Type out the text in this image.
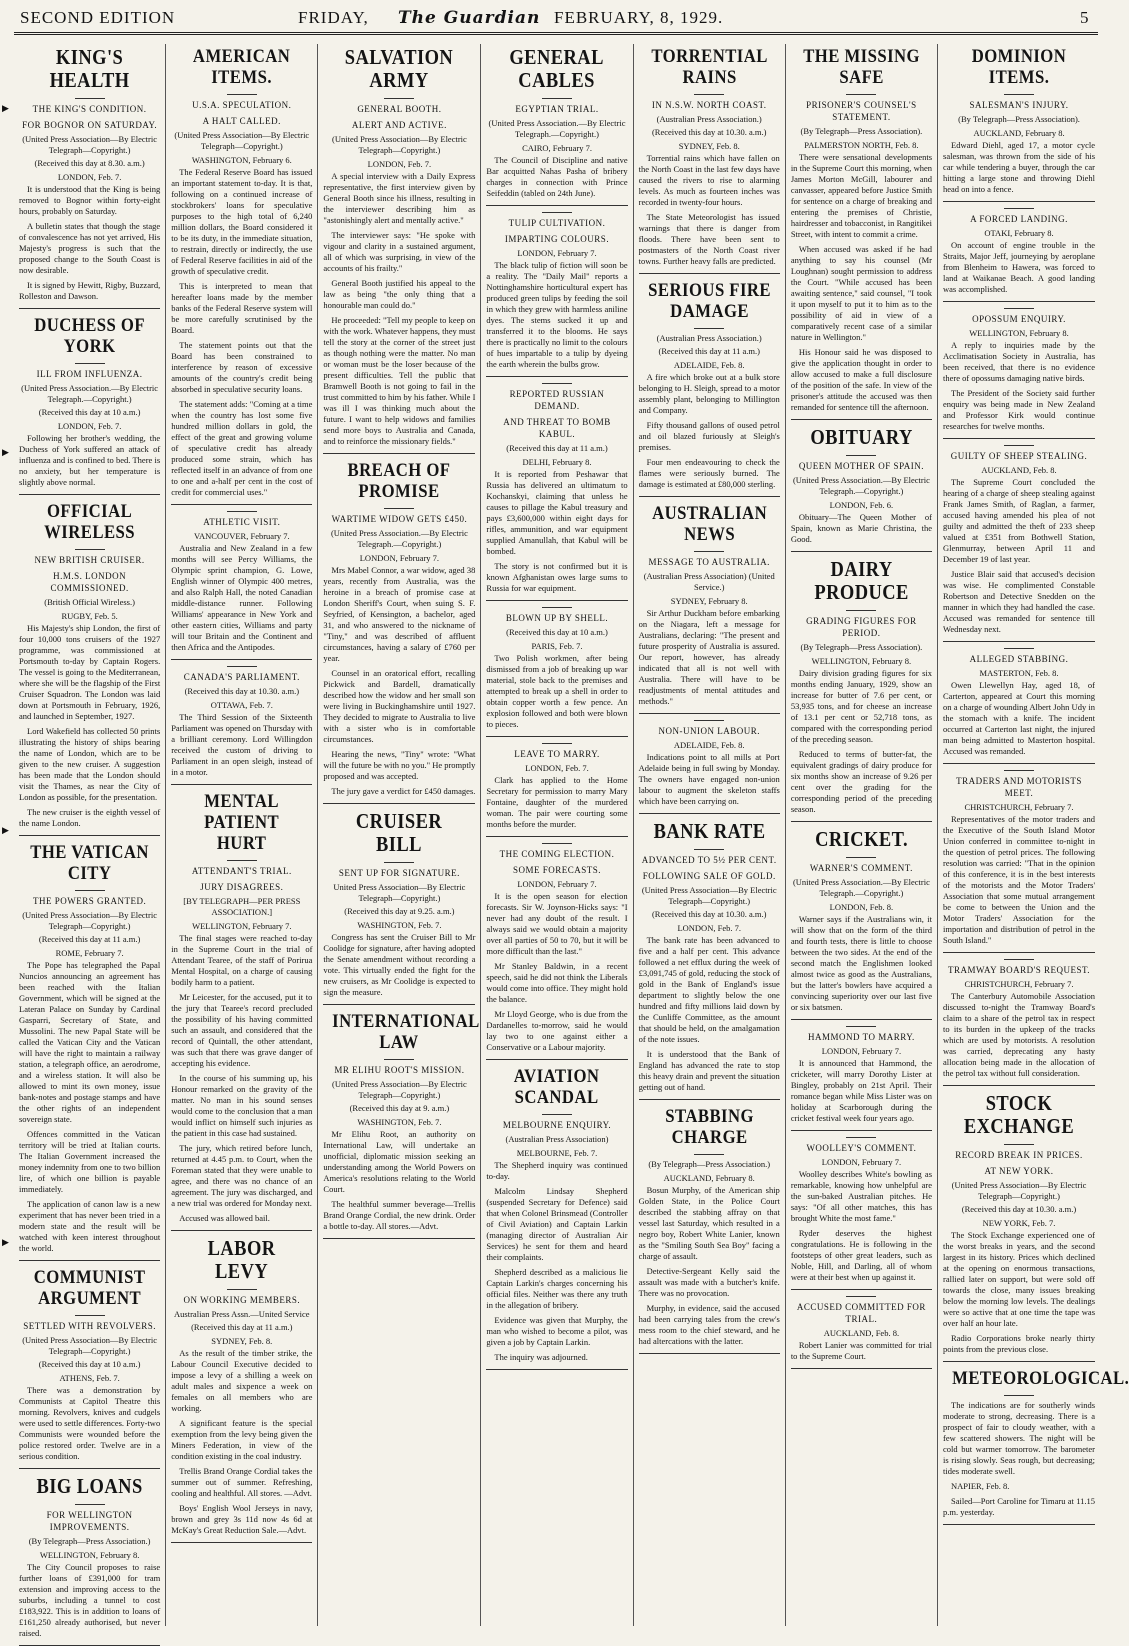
SECOND EDITION	FRIDAY, The Guardian FEBRUARY, 8, 1929.	5
▶
▶
▶
▶
KING'S HEALTH
THE KING'S CONDITION.
FOR BOGNOR ON SATURDAY.
(United Press Association—By Electric Telegraph—Copyright.)
(Received this day at 8.30. a.m.)
LONDON, Feb. 7.

It is understood that the King is being removed to Bognor within forty-eight hours, probably on Saturday.

A bulletin states that though the stage of convalescence has not yet arrived, His Majesty's progress is such that the proposed change to the South Coast is now desirable.

It is signed by Hewitt, Rigby, Buzzard, Rolleston and Dawson.

DUCHESS OF YORK
ILL FROM INFLUENZA.
(United Press Association.—By Electric Telegraph.—Copyright.)
(Received this day at 10 a.m.)
LONDON, Feb. 7.

Following her brother's wedding, the Duchess of York suffered an attack of influenza and is confined to bed. There is no anxiety, but her temperature is slightly above normal.

OFFICIAL WIRELESS
NEW BRITISH CRUISER.
H.M.S. LONDON COMMISSIONED.
(British Official Wireless.)
RUGBY, Feb. 5.

His Majesty's ship London, the first of four 10,000 tons cruisers of the 1927 programme, was commissioned at Portsmouth to-day by Captain Rogers. The vessel is going to the Mediterranean, where she will be the flagship of the First Cruiser Squadron. The London was laid down at Portsmouth in February, 1926, and launched in September, 1927.

Lord Wakefield has collected 50 prints illustrating the history of ships bearing the name of London, which are to be given to the new cruiser. A suggestion has been made that the London should visit the Thames, as near the City of London as possible, for the presentation.

The new cruiser is the eighth vessel of the name London.

THE VATICAN CITY
THE POWERS GRANTED.
(United Press Association—By Electric Telegraph—Copyright.)
(Received this day at 11 a.m.)
ROME, February 7.

The Pope has telegraphed the Papal Nuncios announcing an agreement has been reached with the Italian Government, which will be signed at the Lateran Palace on Sunday by Cardinal Gasparri, Secretary of State, and Mussolini. The new Papal State will be called the Vatican City and the Vatican will have the right to maintain a railway station, a telegraph office, an aerodrome, and a wireless station. It will also be allowed to mint its own money, issue bank-notes and postage stamps and have the other rights of an independent sovereign state.

Offences committed in the Vatican territory will be tried at Italian courts. The Italian Government increased the money indemnity from one to two billion lire, of which one billion is payable immediately.

The application of canon law is a new experiment that has never been tried in a modern state and the result will be watched with keen interest throughout the world.

COMMUNIST ARGUMENT
SETTLED WITH REVOLVERS.
(United Press Association—By Electric Telegraph—Copyright.)
(Received this day at 10 a.m.)
ATHENS, Feb. 7.

There was a demonstration by Communists at Capitol Theatre this morning. Revolvers, knives and cudgels were used to settle differences. Forty-two Communists were wounded before the police restored order. Twelve are in a serious condition.

BIG LOANS
FOR WELLINGTON IMPROVEMENTS.
(By Telegraph—Press Association.)
WELLINGTON, February 8.

The City Council proposes to raise further loans of £391,000 for tram extension and improving access to the suburbs, including a tunnel to cost £183,922. This is in addition to loans of £161,250 already authorised, but never raised.

AMERICAN ITEMS.
U.S.A. SPECULATION.
A HALT CALLED.
(United Press Association—By Electric Telegraph—Copyright.)
WASHINGTON, February 6.

The Federal Reserve Board has issued an important statement to-day. It is that, following on a continued increase of stockbrokers' loans for speculative purposes to the high total of 6,240 million dollars, the Board considered it to be its duty, in the immediate situation, to restrain, directly or indirectly, the use of Federal Reserve facilities in aid of the growth of speculative credit.

This is interpreted to mean that hereafter loans made by the member banks of the Federal Reserve system will be more carefully scrutinised by the Board.

The statement points out that the Board has been constrained to interference by reason of excessive amounts of the country's credit being absorbed in speculative security loans.

The statement adds: "Coming at a time when the country has lost some five hundred million dollars in gold, the effect of the great and growing volume of speculative credit has already produced some strain, which has reflected itself in an advance of from one to one and a-half per cent in the cost of credit for commercial uses."

ATHLETIC VISIT.
VANCOUVER, February 7.

Australia and New Zealand in a few months will see Percy Williams, the Olympic sprint champion, G. Lowe, English winner of Olympic 400 metres, and also Ralph Hall, the noted Canadian middle-distance runner. Following Williams' appearance in New York and other eastern cities, Williams and party will tour Britain and the Continent and then Africa and the Antipodes.

CANADA'S PARLIAMENT.
(Received this day at 10.30. a.m.)
OTTAWA, Feb. 7.

The Third Session of the Sixteenth Parliament was opened on Thursday with a brilliant ceremony. Lord Willingdon received the custom of driving to Parliament in an open sleigh, instead of in a motor.

MENTAL PATIENT HURT
ATTENDANT'S TRIAL.
JURY DISAGREES.
[BY TELEGRAPH—PER PRESS ASSOCIATION.]
WELLINGTON, February 7.

The final stages were reached to-day in the Supreme Court in the trial of Attendant Tearee, of the staff of Porirua Mental Hospital, on a charge of causing bodily harm to a patient.

Mr Leicester, for the accused, put it to the jury that Tearee's record precluded the possibility of his having committed such an assault, and considered that the record of Quintall, the other attendant, was such that there was grave danger of accepting his evidence.

In the course of his summing up, his Honour remarked on the gravity of the matter. No man in his sound senses would come to the conclusion that a man would inflict on himself such injuries as the patient in this case had sustained.

The jury, which retired before lunch, returned at 4.45 p.m. to Court, when the Foreman stated that they were unable to agree, and there was no chance of an agreement. The jury was discharged, and a new trial was ordered for Monday next.

Accused was allowed bail.

LABOR LEVY
ON WORKING MEMBERS.
Australian Press Assn.—United Service
(Received this day at 11 a.m.)
SYDNEY, Feb. 8.

As the result of the timber strike, the Labour Council Executive decided to impose a levy of a shilling a week on adult males and sixpence a week on females on all members who are working.

A significant feature is the special exemption from the levy being given the Miners Federation, in view of the condition existing in the coal industry.

Trellis Brand Orange Cordial takes the summer out of summer. Refreshing, cooling and healthful. All stores. —Advt.

Boys' English Wool Jerseys in navy, brown and grey 3s 11d now 4s 6d at McKay's Great Reduction Sale.—Advt.

SALVATION ARMY
GENERAL BOOTH.
ALERT AND ACTIVE.
(United Press Association—By Electric Telegraph—Copyright.)
LONDON, Feb. 7.

A special interview with a Daily Express representative, the first interview given by General Booth since his illness, resulting in the interviewer describing him as "astonishingly alert and mentally active."

The interviewer says: "He spoke with vigour and clarity in a sustained argument, all of which was surprising, in view of the accounts of his frailty."

General Booth justified his appeal to the law as being "the only thing that a honourable man could do."

He proceeded: "Tell my people to keep on with the work. Whatever happens, they must tell the story at the corner of the street just as though nothing were the matter. No man or woman must be the loser because of the present difficulties. Tell the public that Bramwell Booth is not going to fail in the trust committed to him by his father. While I was ill I was thinking much about the future. I want to help widows and families send more boys to Australia and Canada, and to reinforce the missionary fields."

BREACH OF PROMISE
WARTIME WIDOW GETS £450.
(United Press Association.—By Electric Telegraph.—Copyright.)
LONDON, February 7.

Mrs Mabel Connor, a war widow, aged 38 years, recently from Australia, was the heroine in a breach of promise case at London Sheriff's Court, when suing S. F. Seyfried, of Kensington, a bachelor, aged 31, and who answered to the nickname of "Tiny," and was described of affluent circumstances, having a salary of £760 per year.

Counsel in an oratorical effort, recalling Pickwick and Bardell, dramatically described how the widow and her small son were living in Buckinghamshire until 1927. They decided to migrate to Australia to live with a sister who is in comfortable circumstances.

Hearing the news, "Tiny" wrote: "What will the future be with no you." He promptly proposed and was accepted.

The jury gave a verdict for £450 damages.

CRUISER BILL
SENT UP FOR SIGNATURE.
United Press Association—By Electric Telegraph—Copyright.)
(Received this day at 9.25. a.m.)
WASHINGTON, Feb. 7.

Congress has sent the Cruiser Bill to Mr Coolidge for signature, after having adopted the Senate amendment without recording a vote. This virtually ended the fight for the new cruisers, as Mr Coolidge is expected to sign the measure.

INTERNATIONAL LAW
MR ELIHU ROOT'S MISSION.
(United Press Association—By Electric Telegraph—Copyright.)
(Received this day at 9. a.m.)
WASHINGTON, Feb. 7.

Mr Elihu Root, an authority on International Law, will undertake an unofficial, diplomatic mission seeking an understanding among the World Powers on America's resolutions relating to the World Court.

The healthful summer beverage—Trellis Brand Orange Cordial, the new drink. Order a bottle to-day. All stores.—Advt.

GENERAL CABLES
EGYPTIAN TRIAL.
(United Press Association.—By Electric Telegraph.—Copyright.)
CAIRO, February 7.

The Council of Discipline and native Bar acquitted Nahas Pasha of bribery charges in connection with Prince Seifeddin (tabled on 24th June).

TULIP CULTIVATION.
IMPARTING COLOURS.
LONDON, February 7.

The black tulip of fiction will soon be a reality. The "Daily Mail" reports a Nottinghamshire horticultural expert has produced green tulips by feeding the soil in which they grew with harmless aniline dyes. The stems sucked it up and transferred it to the blooms. He says there is practically no limit to the colours of hues impartable to a tulip by dyeing the earth wherein the bulbs grow.

REPORTED RUSSIAN DEMAND.
AND THREAT TO BOMB KABUL.
(Received this day at 11 a.m.)
DELHI, February 8.

It is reported from Peshawar that Russia has delivered an ultimatum to Kochanskyi, claiming that unless he causes to pillage the Kabul treasury and pays £3,600,000 within eight days for rifles, ammunition, and war equipment supplied Amanullah, that Kabul will be bombed.

The story is not confirmed but it is known Afghanistan owes large sums to Russia for war equipment.

BLOWN UP BY SHELL.
(Received this day at 10 a.m.)
PARIS, Feb. 7.

Two Polish workmen, after being dismissed from a job of breaking up war material, stole back to the premises and attempted to break up a shell in order to obtain copper worth a few pence. An explosion followed and both were blown to pieces.

LEAVE TO MARRY.
LONDON, Feb. 7.

Clark has applied to the Home Secretary for permission to marry Mary Fontaine, daughter of the murdered woman. The pair were courting some months before the murder.

THE COMING ELECTION.
SOME FORECASTS.
LONDON, February 7.

It is the open season for election forecasts. Sir W. Joynson-Hicks says: "I never had any doubt of the result. I always said we would obtain a majority over all parties of 50 to 70, but it will be more difficult than the last."

Mr Stanley Baldwin, in a recent speech, said he did not think the Liberals would come into office. They might hold the balance.

Mr Lloyd George, who is due from the Dardanelles to-morrow, said he would lay two to one against either a Conservative or a Labour majority.

AVIATION SCANDAL
MELBOURNE ENQUIRY.
(Australian Press Association)
MELBOURNE, Feb. 7.

The Shepherd inquiry was continued to-day.

Malcolm Lindsay Shepherd (suspended Secretary for Defence) said that when Colonel Brinsmead (Controller of Civil Aviation) and Captain Larkin (managing director of Australian Air Services) he sent for them and heard their complaints.

Shepherd described as a malicious lie Captain Larkin's charges concerning his official files. Neither was there any truth in the allegation of bribery.

Evidence was given that Murphy, the man who wished to become a pilot, was given a job by Captain Larkin.

The inquiry was adjourned.

TORRENTIAL RAINS
IN N.S.W. NORTH COAST.
(Australian Press Association.)
(Received this day at 10.30. a.m.)
SYDNEY, Feb. 8.

Torrential rains which have fallen on the North Coast in the last few days have caused the rivers to rise to alarming levels. As much as fourteen inches was recorded in twenty-four hours.

The State Meteorologist has issued warnings that there is danger from floods. There have been sent to postmasters of the North Coast river towns. Further heavy falls are predicted.

SERIOUS FIRE DAMAGE
(Australian Press Association.)
(Received this day at 11 a.m.)
ADELAIDE, Feb. 8.

A fire which broke out at a bulk store belonging to H. Sleigh, spread to a motor assembly plant, belonging to Millington and Company.

Fifty thousand gallons of oused petrol and oil blazed furiously at Sleigh's premises.

Four men endeavouring to check the flames were seriously burned. The damage is estimated at £80,000 sterling.

AUSTRALIAN NEWS
MESSAGE TO AUSTRALIA.
(Australian Press Association) (United Service.)
SYDNEY, February 8.

Sir Arthur Duckham before embarking on the Niagara, left a message for Australians, declaring: "The present and future prosperity of Australia is assured. Our report, however, has already indicated that all is not well with Australia. There will have to be readjustments of mental attitudes and methods."

NON-UNION LABOUR.
ADELAIDE, Feb. 8.

Indications point to all mills at Port Adelaide being in full swing by Monday. The owners have engaged non-union labour to augment the skeleton staffs which have been carrying on.

BANK RATE
ADVANCED TO 5½ PER CENT.
FOLLOWING SALE OF GOLD.
(United Press Association—By Electric Telegraph—Copyright.)
(Received this day at 10.30. a.m.)
LONDON, Feb. 7.

The bank rate has been advanced to five and a half per cent. This advance followed a net efflux during the week of £3,091,745 of gold, reducing the stock of gold in the Bank of England's issue department to slightly below the one hundred and fifty millions laid down by the Cunliffe Committee, as the amount that should be held, on the amalgamation of the note issues.

It is understood that the Bank of England has advanced the rate to stop this heavy drain and prevent the situation getting out of hand.

STABBING CHARGE
(By Telegraph—Press Association.)
AUCKLAND, February 8.

Bosun Murphy, of the American ship Golden State, in the Police Court described the stabbing affray on that vessel last Saturday, which resulted in a negro boy, Robert White Lanier, known as the "Smiling South Sea Boy" facing a charge of assault.

Detective-Sergeant Kelly said the assault was made with a butcher's knife. There was no provocation.

Murphy, in evidence, said the accused had been carrying tales from the crew's mess room to the chief steward, and he had altercations with the latter.

THE MISSING SAFE
PRISONER'S COUNSEL'S STATEMENT.
(By Telegraph—Press Association).
PALMERSTON NORTH, Feb. 8.

There were sensational developments in the Supreme Court this morning, when James Morton McGill, labourer and canvasser, appeared before Justice Smith for sentence on a charge of breaking and entering the premises of Christie, hairdresser and tobacconist, in Rangitikei Street, with intent to commit a crime.

When accused was asked if he had anything to say his counsel (Mr Loughnan) sought permission to address the Court. "While accused has been awaiting sentence," said counsel, "I took it upon myself to put it to him as to the possibility of aid in view of a comparatively recent case of a similar nature in Wellington."

His Honour said he was disposed to give the application thought in order to allow accused to make a full disclosure of the position of the safe. In view of the prisoner's attitude the accused was then remanded for sentence till the afternoon.

OBITUARY
QUEEN MOTHER OF SPAIN.
(United Press Association.—By Electric Telegraph.—Copyright.)
LONDON, Feb. 6.

Obituary—The Queen Mother of Spain, known as Marie Christina, the Good.

DAIRY PRODUCE
GRADING FIGURES FOR PERIOD.
(By Telegraph—Press Association).
WELLINGTON, February 8.

Dairy division grading figures for six months ending January, 1929, show an increase for butter of 7.6 per cent, or 53,935 tons, and for cheese an increase of 13.1 per cent or 52,718 tons, as compared with the corresponding period of the preceding season.

Reduced to terms of butter-fat, the equivalent gradings of dairy produce for six months show an increase of 9.26 per cent over the grading for the corresponding period of the preceding season.

CRICKET.
WARNER'S COMMENT.
(United Press Association.—By Electric Telegraph.—Copyright.)
LONDON, Feb. 8.

Warner says if the Australians win, it will show that on the form of the third and fourth tests, there is little to choose between the two sides. At the end of the second match the Englishmen looked almost twice as good as the Australians, but the latter's bowlers have acquired a convincing superiority over our last five or six batsmen.

HAMMOND TO MARRY.
LONDON, February 7.

It is announced that Hammond, the cricketer, will marry Dorothy Lister at Bingley, probably on 21st April. Their romance began while Miss Lister was on holiday at Scarborough during the cricket festival week four years ago.

WOOLLEY'S COMMENT.
LONDON, February 7.

Woolley describes White's bowling as remarkable, knowing how unhelpful are the sun-baked Australian pitches. He says: "Of all other matches, this has brought White the most fame."

Ryder deserves the highest congratulations. He is following in the footsteps of other great leaders, such as Noble, Hill, and Darling, all of whom were at their best when up against it.

ACCUSED COMMITTED FOR TRIAL.
AUCKLAND, Feb. 8.

Robert Lanier was committed for trial to the Supreme Court.

DOMINION ITEMS.
SALESMAN'S INJURY.
(By Telegraph—Press Association).
AUCKLAND, February 8.

Edward Diehl, aged 17, a motor cycle salesman, was thrown from the side of his car while tendering a buyer, through the car hitting a large stone and throwing Diehl head on into a fence.

A FORCED LANDING.
OTAKI, February 8.

On account of engine trouble in the Straits, Major Jeff, journeying by aeroplane from Blenheim to Hawera, was forced to land at Waikanae Beach. A good landing was accomplished.

OPOSSUM ENQUIRY.
WELLINGTON, February 8.

A reply to inquiries made by the Acclimatisation Society in Australia, has been received, that there is no evidence there of opossums damaging native birds.

The President of the Society said further enquiry was being made in New Zealand and Professor Kirk would continue researches for twelve months.

GUILTY OF SHEEP STEALING.
AUCKLAND, Feb. 8.

The Supreme Court concluded the hearing of a charge of sheep stealing against Frank James Smith, of Raglan, a farmer, accused having amended his plea of not guilty and admitted the theft of 233 sheep valued at £351 from Bothwell Station, Glenmurray, between April 11 and December 19 of last year.

Justice Blair said that accused's decision was wise. He complimented Constable Robertson and Detective Snedden on the manner in which they had handled the case. Accused was remanded for sentence till Wednesday next.

ALLEGED STABBING.
MASTERTON, Feb. 8.

Owen Llewellyn Hay, aged 18, of Carterton, appeared at Court this morning on a charge of wounding Albert John Udy in the stomach with a knife. The incident occurred at Carterton last night, the injured man being admitted to Masterton hospital. Accused was remanded.

TRADERS AND MOTORISTS MEET.
CHRISTCHURCH, February 7.

Representatives of the motor traders and the Executive of the South Island Motor Union conferred in committee to-night in the question of petrol prices. The following resolution was carried: "That in the opinion of this conference, it is in the best interests of the motorists and the Motor Traders' Association that some mutual arrangement be come to between the Union and the Motor Traders' Association for the importation and distribution of petrol in the South Island."

TRAMWAY BOARD'S REQUEST.
CHRISTCHURCH, February 7.

The Canterbury Automobile Association discussed to-night the Tramway Board's claim to a share of the petrol tax in respect to its burden in the upkeep of the tracks which are used by motorists. A resolution was carried, deprecating any hasty allocation being made in the allocation of the petrol tax without full consideration.

STOCK EXCHANGE
RECORD BREAK IN PRICES.
AT NEW YORK.
(United Press Association—By Electric Telegraph—Copyright.)
(Received this day at 10.30. a.m.)
NEW YORK, Feb. 7.

The Stock Exchange experienced one of the worst breaks in years, and the second largest in its history. Prices which declined at the opening on enormous transactions, rallied later on support, but were sold off towards the close, many issues breaking below the morning low levels. The dealings were so active that at one time the tape was over half an hour late.

Radio Corporations broke nearly thirty points from the previous close.

METEOROLOGICAL.

The indications are for southerly winds moderate to strong, decreasing. There is a prospect of fair to cloudy weather, with a few scattered showers. The night will be cold but warmer tomorrow. The barometer is rising slowly. Seas rough, but decreasing; tides moderate swell.

NAPIER, Feb. 8.

Sailed—Port Caroline for Timaru at 11.15 p.m. yesterday.
